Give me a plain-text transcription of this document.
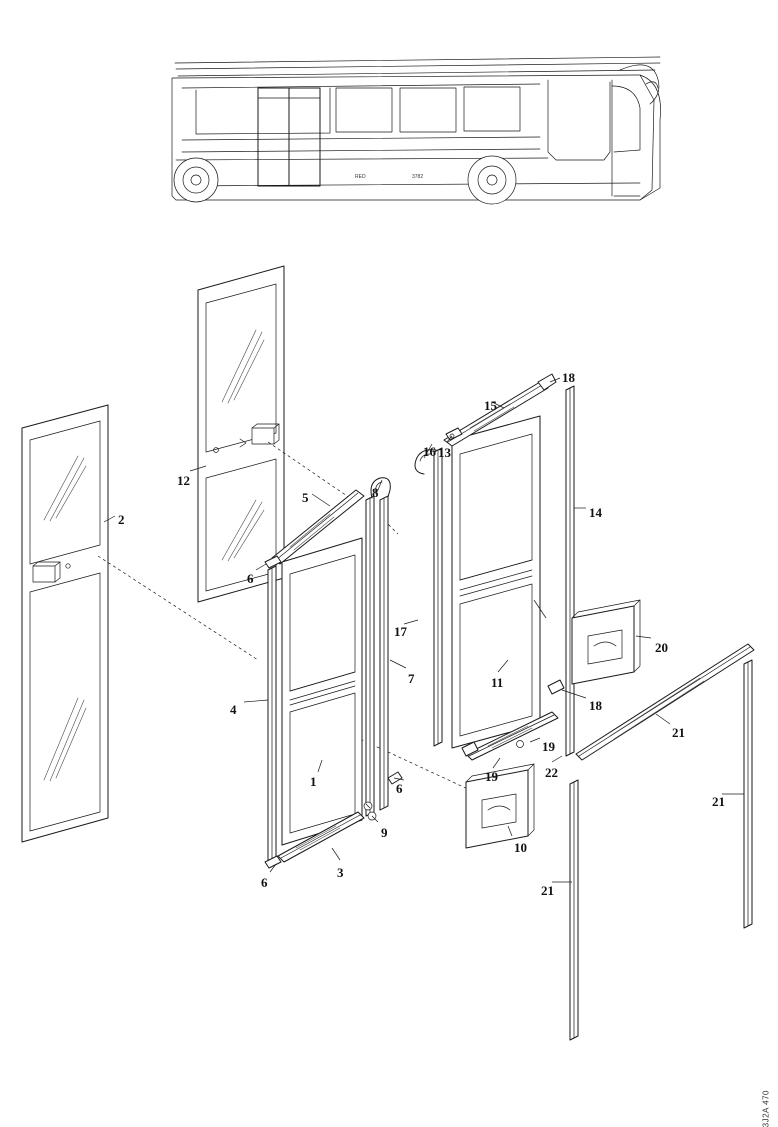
RED	3782
1
2
3
4
5
6
6
6
7
8
9
10
11
12
13
14
15
16
17
18
18
19
19
20
21
21
21
22
3J2A 470
